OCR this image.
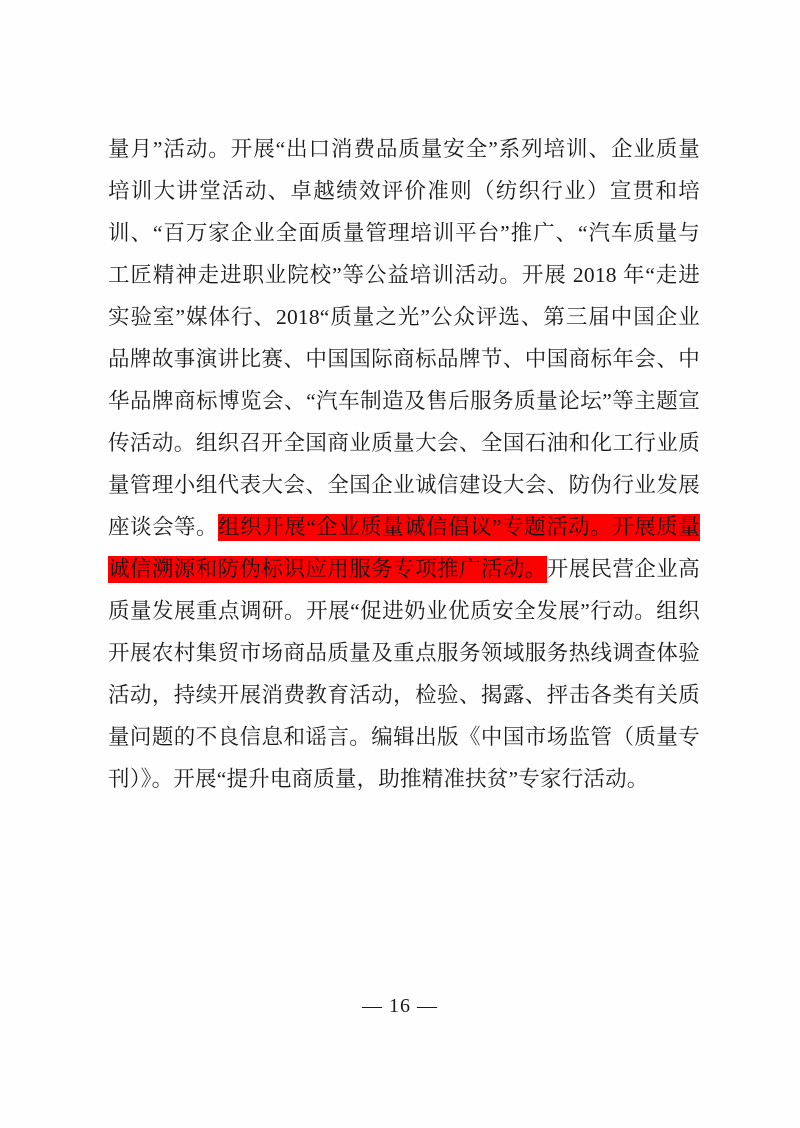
量月”活动。开展“出口消费品质量安全”系列培训、企业质量培训大讲堂活动、卓越绩效评价准则（纺织行业）宣贯和培训、“百万家企业全面质量管理培训平台”推广、“汽车质量与工匠精神走进职业院校”等公益培训活动。开展 2018 年“走进实验室”媒体行、2018“质量之光”公众评选、第三届中国企业品牌故事演讲比赛、中国国际商标品牌节、中国商标年会、中华品牌商标博览会、“汽车制造及售后服务质量论坛”等主题宣传活动。组织召开全国商业质量大会、全国石油和化工行业质量管理小组代表大会、全国企业诚信建设大会、防伪行业发展座谈会等。组织开展“企业质量诚信倡议”专题活动。开展质量诚信溯源和防伪标识应用服务专项推广活动。开展民营企业高质量发展重点调研。开展“促进奶业优质安全发展”行动。组织开展农村集贸市场商品质量及重点服务领域服务热线调查体验活动，持续开展消费教育活动，检验、揭露、抨击各类有关质量问题的不良信息和谣言。编辑出版《中国市场监管（质量专刊）》。开展“提升电商质量，助推精准扶贫”专家行活动。

— 16 —
